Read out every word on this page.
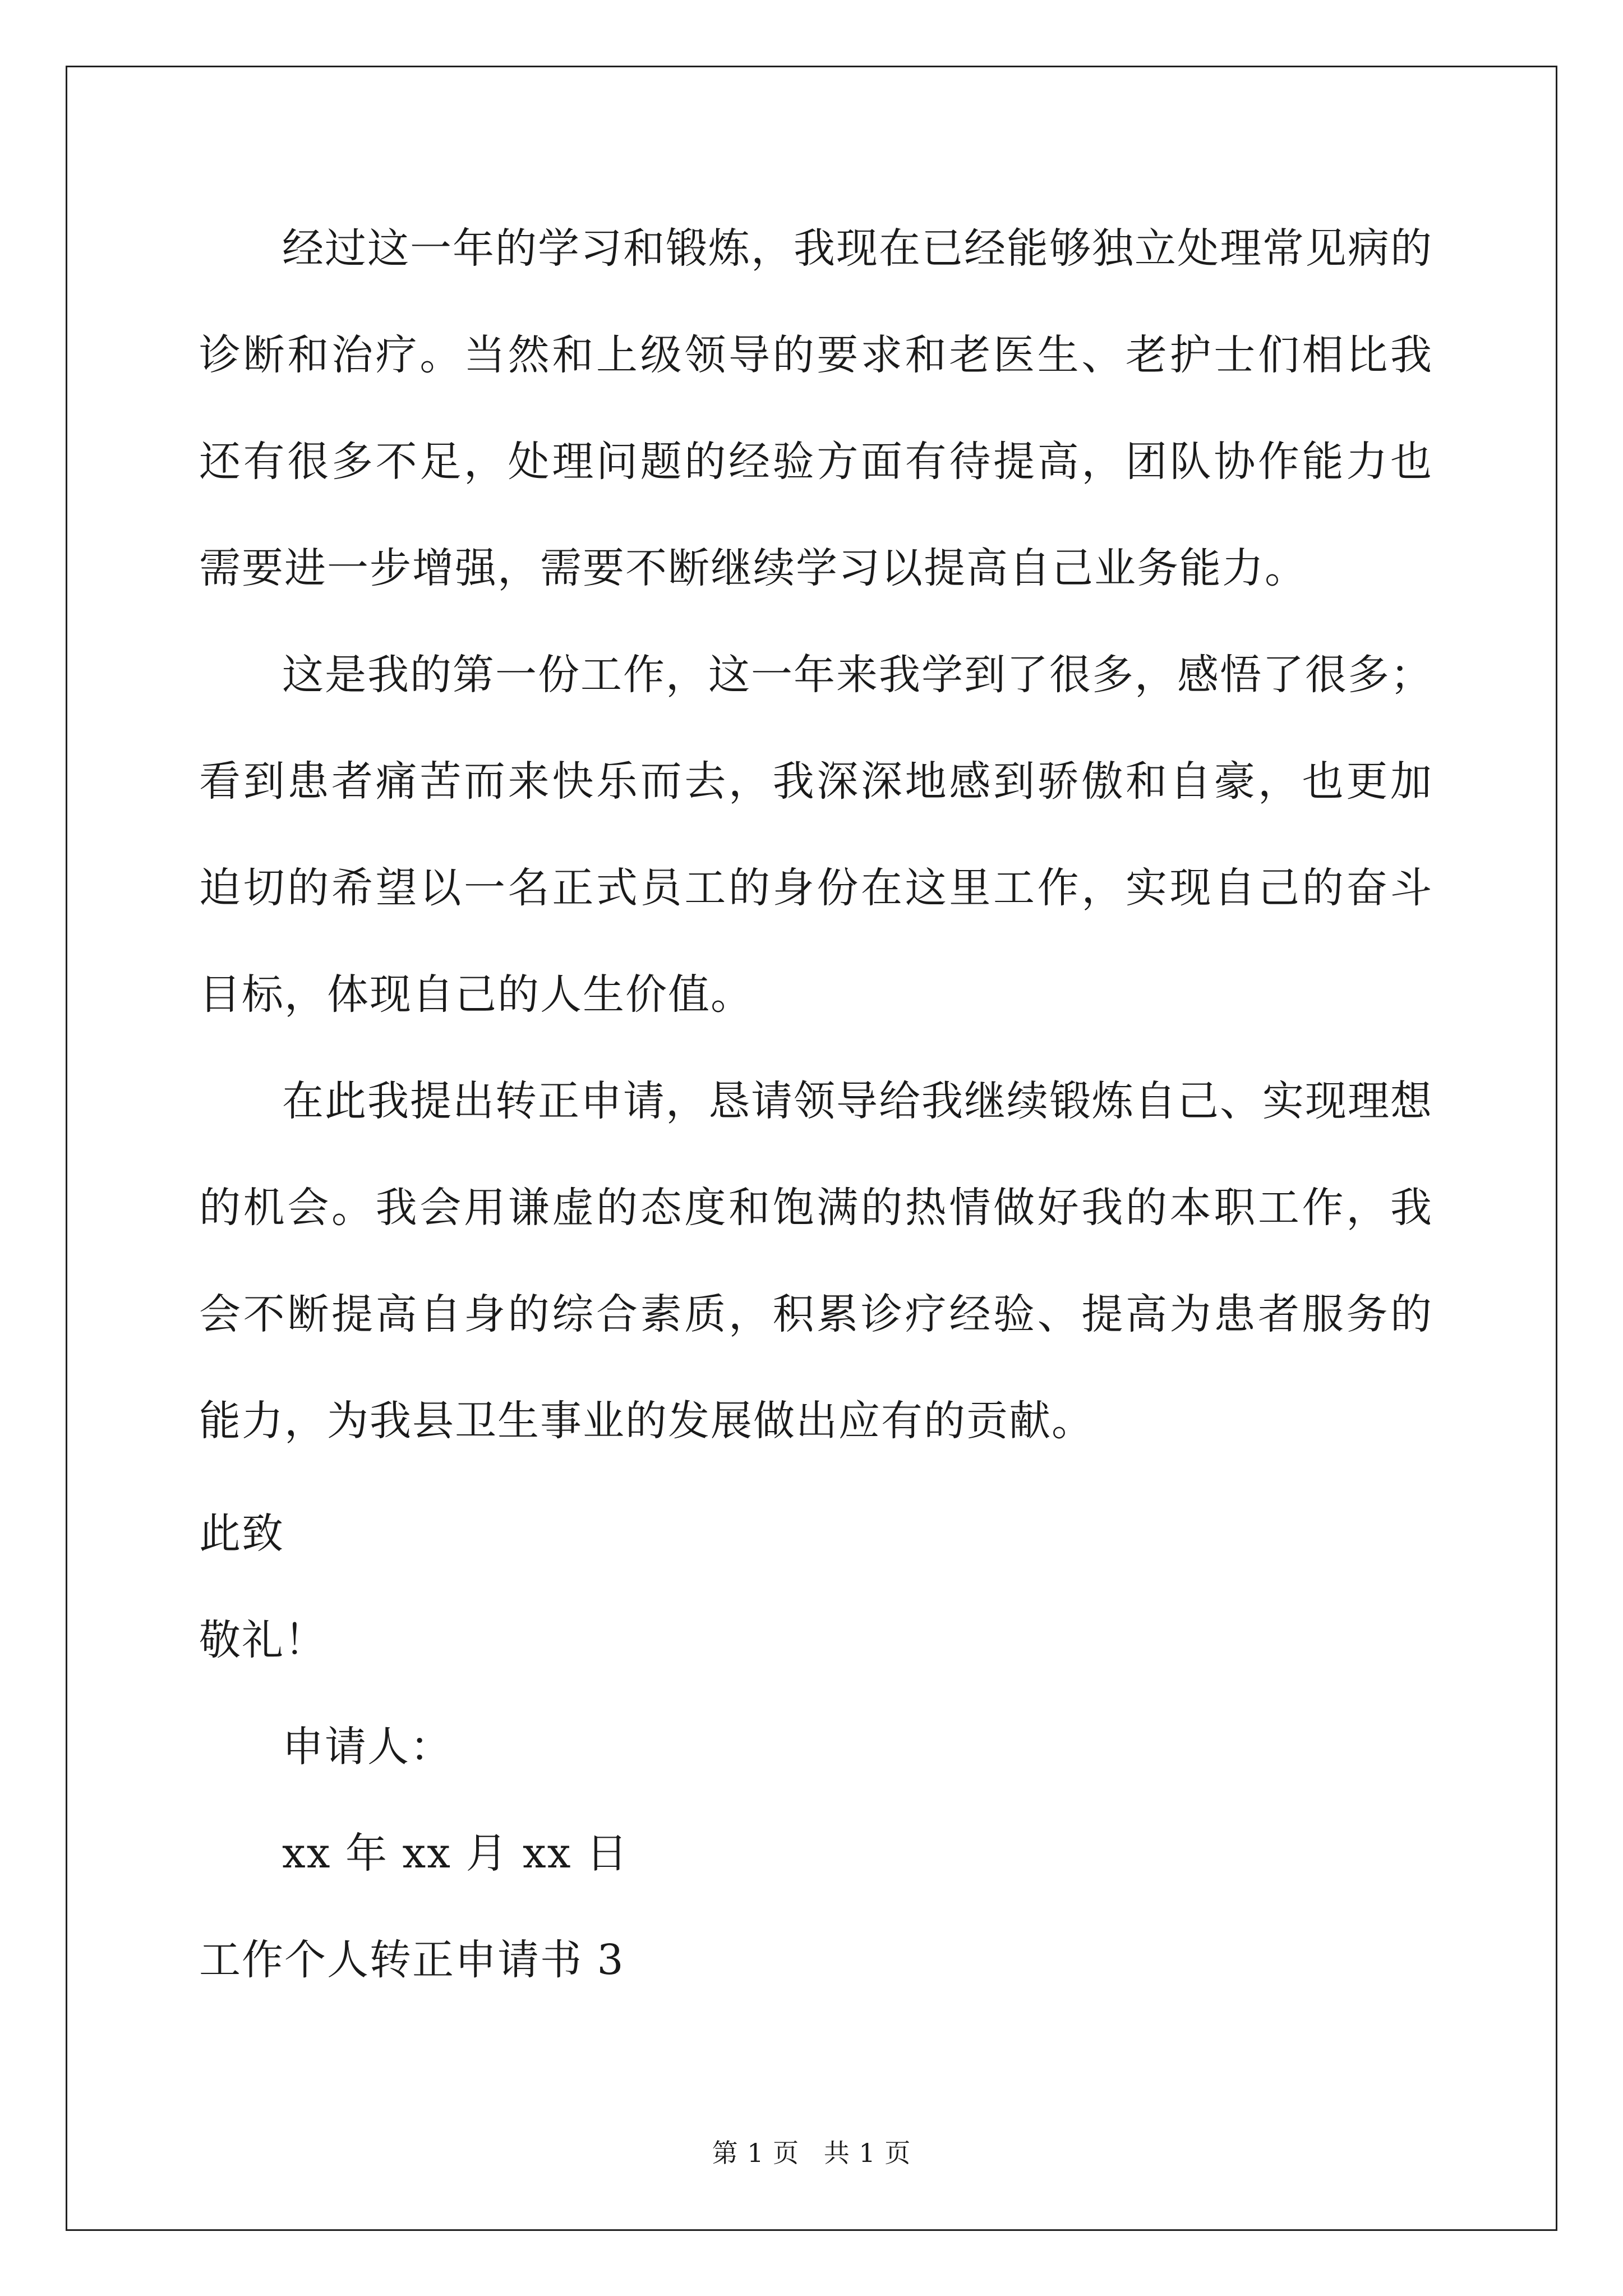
经过这一年的学习和锻炼，我现在已经能够独立处理常见病的诊断和治疗。当然和上级领导的要求和老医生、老护士们相比我还有很多不足，处理问题的经验方面有待提高，团队协作能力也需要进一步增强，需要不断继续学习以提高自己业务能力。

这是我的第一份工作，这一年来我学到了很多，感悟了很多；看到患者痛苦而来快乐而去，我深深地感到骄傲和自豪，也更加迫切的希望以一名正式员工的身份在这里工作，实现自己的奋斗目标，体现自己的人生价值。

在此我提出转正申请，恳请领导给我继续锻炼自己、实现理想的机会。我会用谦虚的态度和饱满的热情做好我的本职工作，我会不断提高自身的综合素质，积累诊疗经验、提高为患者服务的能力，为我县卫生事业的发展做出应有的贡献。

此致

敬礼！

申请人：

xx 年 xx 月 xx 日

工作个人转正申请书 3

第 1 页 共 1 页
